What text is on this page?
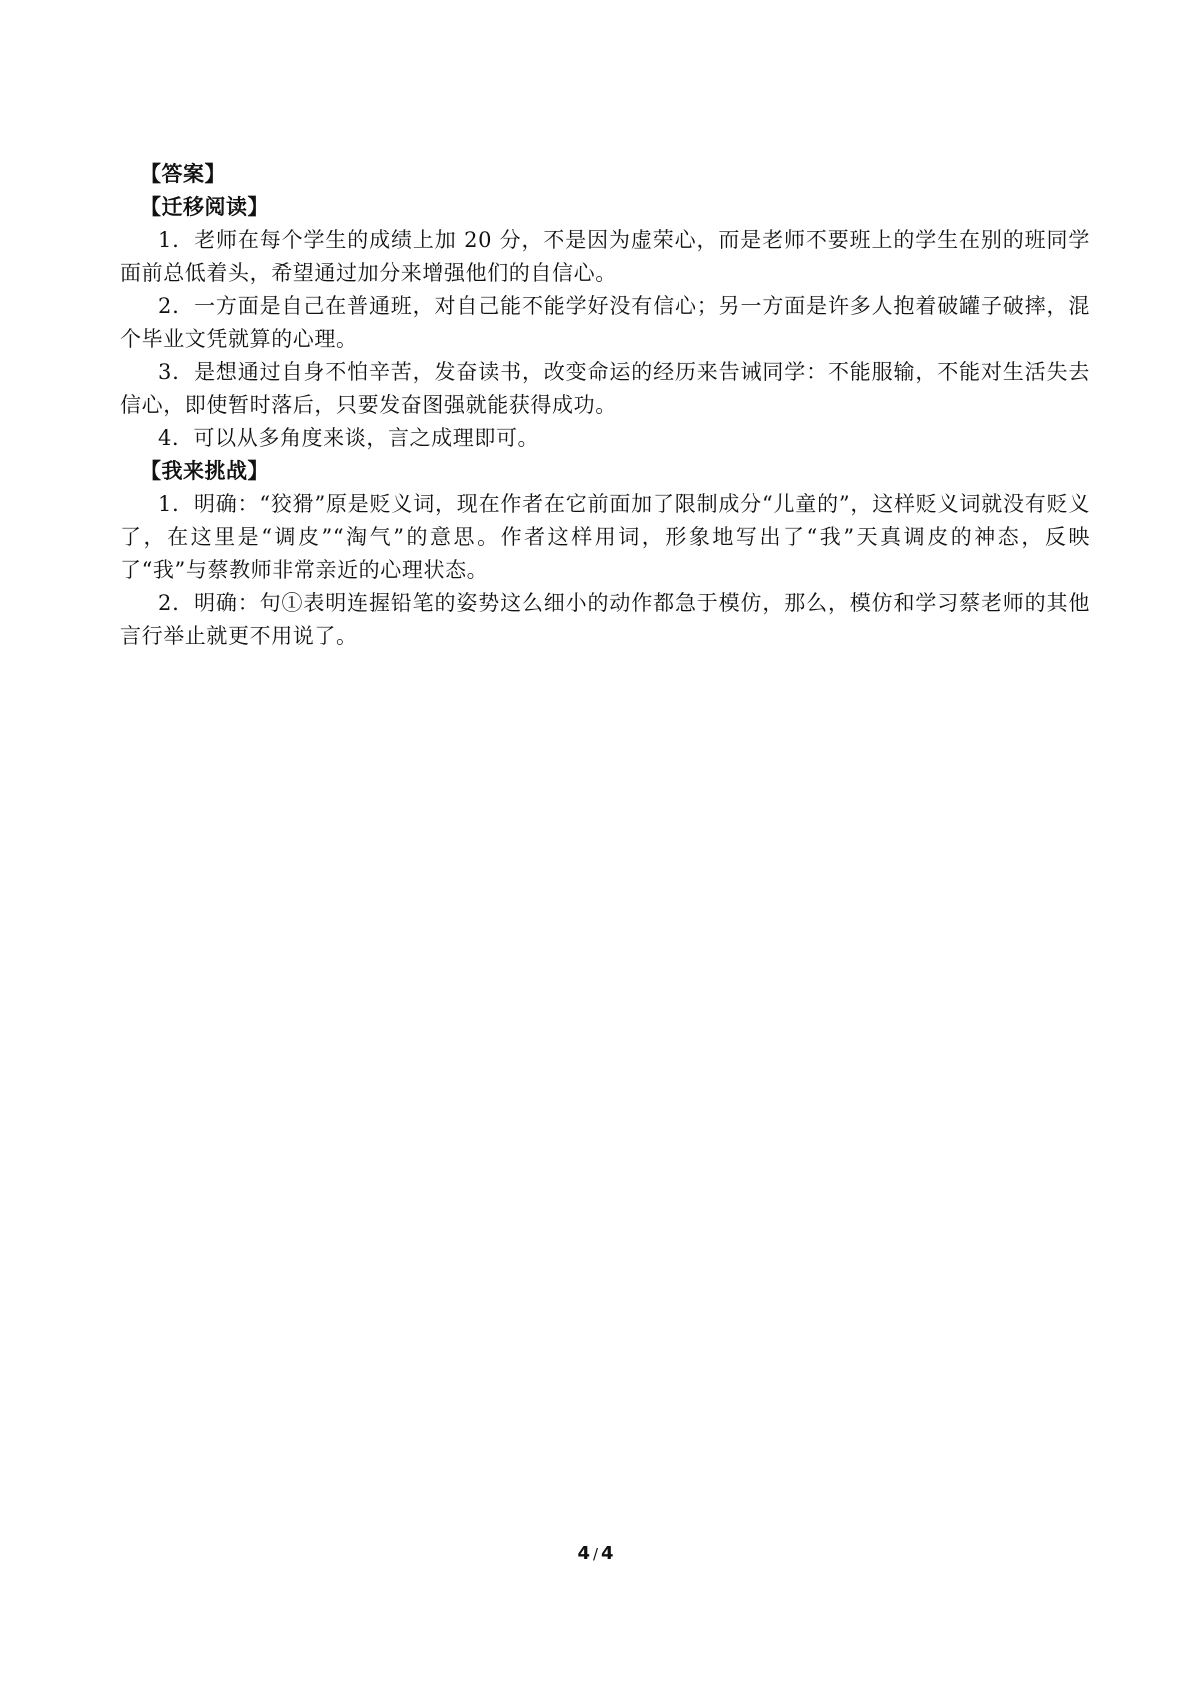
【答案】
【迁移阅读】

1．老师在每个学生的成绩上加 20 分，不是因为虚荣心，而是老师不要班上的学生在别的班同学面前总低着头，希望通过加分来增强他们的自信心。

2．一方面是自己在普通班，对自己能不能学好没有信心；另一方面是许多人抱着破罐子破摔，混个毕业文凭就算的心理。

3．是想通过自身不怕辛苦，发奋读书，改变命运的经历来告诫同学：不能服输，不能对生活失去信心，即使暂时落后，只要发奋图强就能获得成功。

4．可以从多角度来谈，言之成理即可。

【我来挑战】

1．明确：“狡猾”原是贬义词，现在作者在它前面加了限制成分“儿童的”，这样贬义词就没有贬义了，在这里是“调皮”“淘气”的意思。作者这样用词，形象地写出了“我”天真调皮的神态，反映了“我”与蔡教师非常亲近的心理状态。

2．明确：句①表明连握铅笔的姿势这么细小的动作都急于模仿，那么，模仿和学习蔡老师的其他言行举止就更不用说了。

4 / 4
